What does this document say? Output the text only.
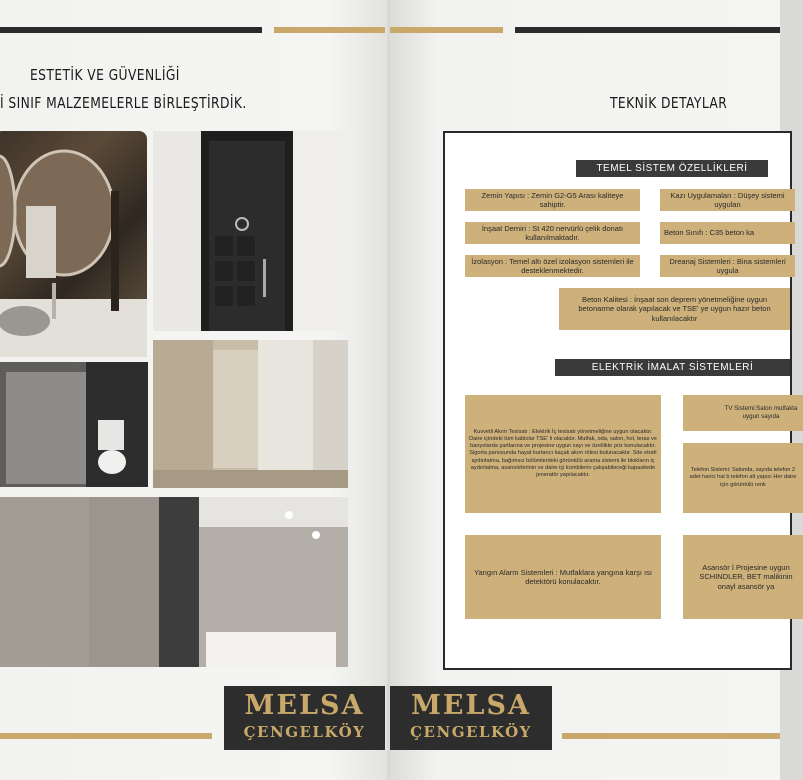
ESTETİK VE GÜVENLİĞİ
İ SINIF MALZEMELERLE BİRLEŞTİRDİK.
MELSA
ÇENGELKÖY
TEKNİK DETAYLAR
TEMEL SİSTEM ÖZELLİKLERİ
Zemin Yapısı : Zemin G2-G5 Arası kaliteye sahiptir.
Kazı Uygulamaları : Düşey sistemi uygulan
İnşaat Demiri : St 420 nervürlü çelik donatı kullanılmaktadır.
Beton Sınıfı : C35 beton ka
İzolasyon : Temel altı özel izolasyon sistemleri ile desteklenmektedir.
Dreanaj Sistemleri : Bina sistemleri uygula
Beton Kalitesi : İnşaat son deprem yönetmeliğine uygun betonarme olarak yapılacak ve TSE' ye uygun hazır beton kullanılacaktır
ELEKTRİK İMALAT SİSTEMLERİ
Kuvvetli Akım Tesisatı : Elektrik İç tesisatı yönetmeliğine uygun olacaktır. Daire içindeki tüm kablolar TSE' li olacaktır. Mutfak, oda, salon, hol, teras ve banyolarda şartlarına ve projesine uygun sayı ve özellikte priz konulacaktır. Sigorta panosunda hayat kurtarıcı kaçak akım rölesi bulunacaktır. Site etrafı aydınlatma, bağımsız bölümlerdeki görüntülü arama sistemi ile blokların iç aydınlatma, asansörlerinin ve daire içi kombilerin çalışabileceği kapasitede jeneratör yapılacaktır.
TV Sistemi:Salon mutfakta uygun sayıda
Telefon Sistemi: Salonda, sayıda telefon 2 adet harici hat b telefon alt yapısı Her daire için görüntülü renk
Yangın Alarm Sistemleri : Mutfaklara yangına karşı ısı detektörü konulacaktır.
Asansör İ Projesine uygun SCHINDLER, BET malikinin onayl asansör ya
MELSA
ÇENGELKÖY
